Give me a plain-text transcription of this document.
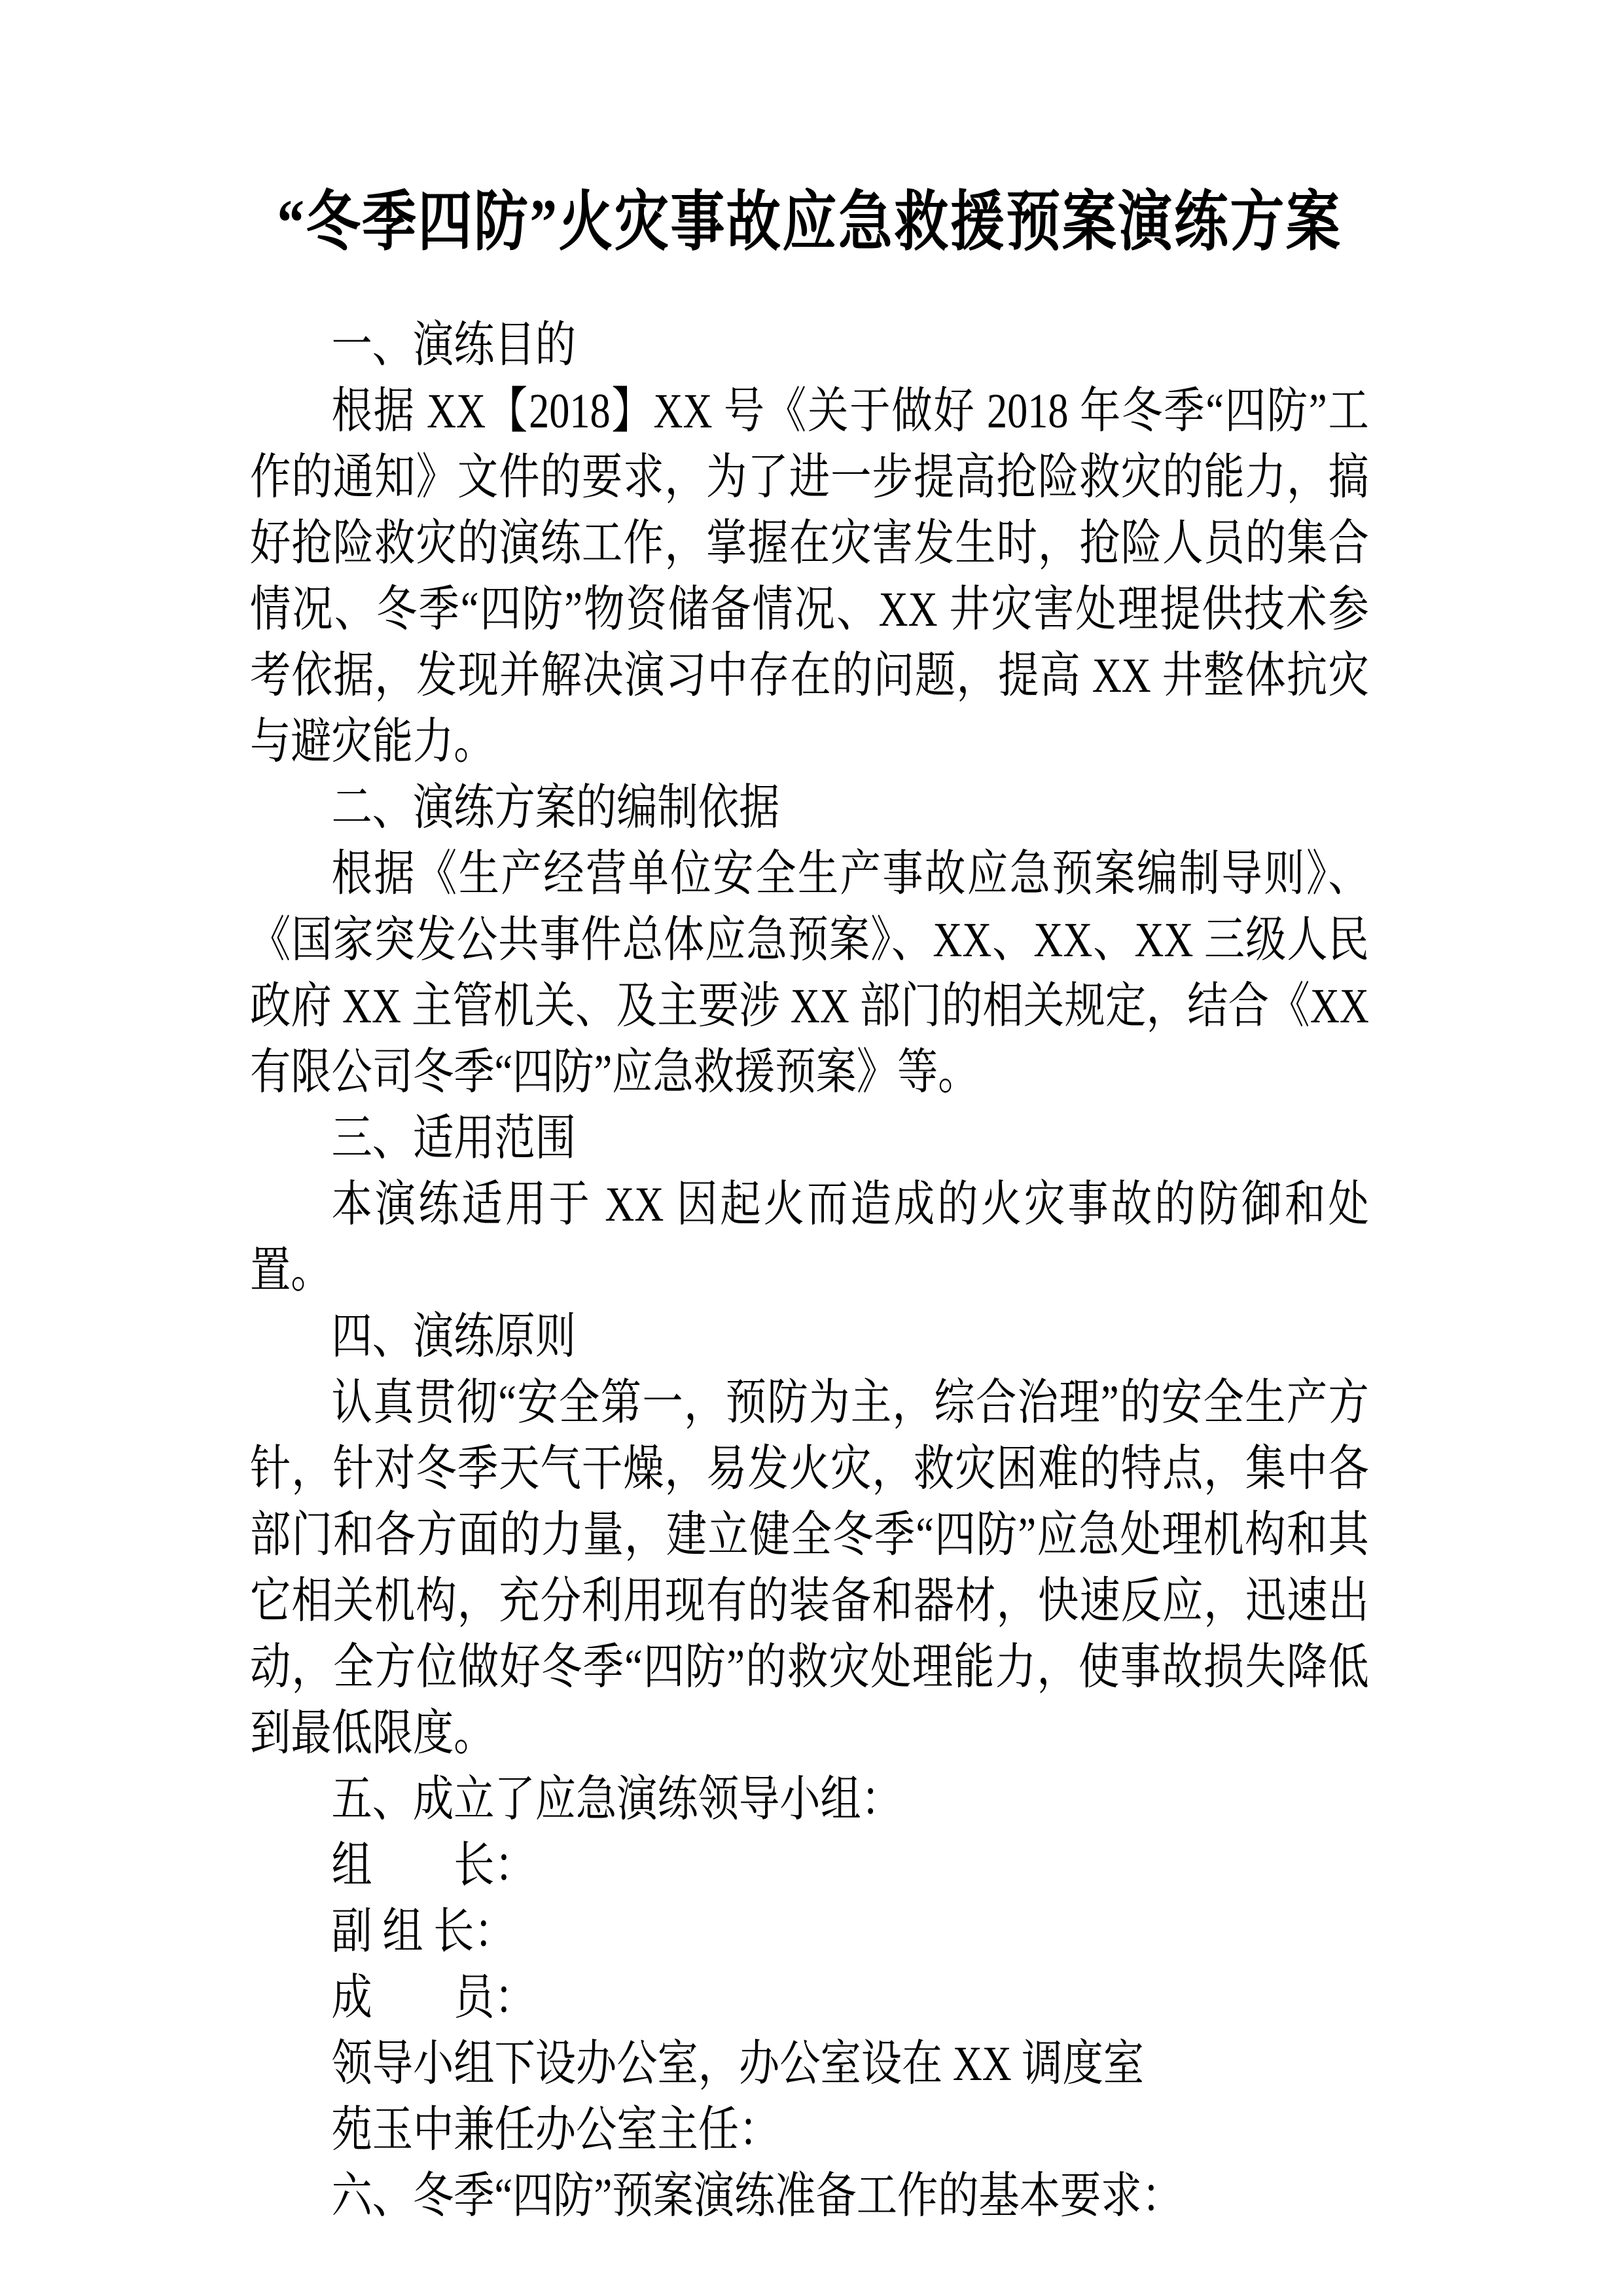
“冬季四防”火灾事故应急救援预案演练方案

一、演练目的

根据 XX【2018】XX 号《关于做好 2018 年冬季“四防”工作的通知》文件的要求，为了进一步提高抢险救灾的能力，搞好抢险救灾的演练工作，掌握在灾害发生时，抢险人员的集合情况、冬季“四防”物资储备情况、XX 井灾害处理提供技术参考依据，发现并解决演习中存在的问题，提高 XX 井整体抗灾与避灾能力。

二、演练方案的编制依据

根据《生产经营单位安全生产事故应急预案编制导则》、《国家突发公共事件总体应急预案》、XX、XX、XX 三级人民政府 XX 主管机关、及主要涉 XX 部门的相关规定，结合《XX 有限公司冬季“四防”应急救援预案》等。

三、适用范围

本演练适用于 XX 因起火而造成的火灾事故的防御和处置。

四、演练原则

认真贯彻“安全第一，预防为主，综合治理”的安全生产方针，针对冬季天气干燥，易发火灾，救灾困难的特点，集中各部门和各方面的力量，建立健全冬季“四防”应急处理机构和其它相关机构，充分利用现有的装备和器材，快速反应，迅速出动，全方位做好冬季“四防”的救灾处理能力，使事故损失降低到最低限度。

五、成立了应急演练领导小组：

组　　长：

副 组 长：

成　　员：

领导小组下设办公室，办公室设在 XX 调度室

苑玉中兼任办公室主任：

六、冬季“四防”预案演练准备工作的基本要求：
